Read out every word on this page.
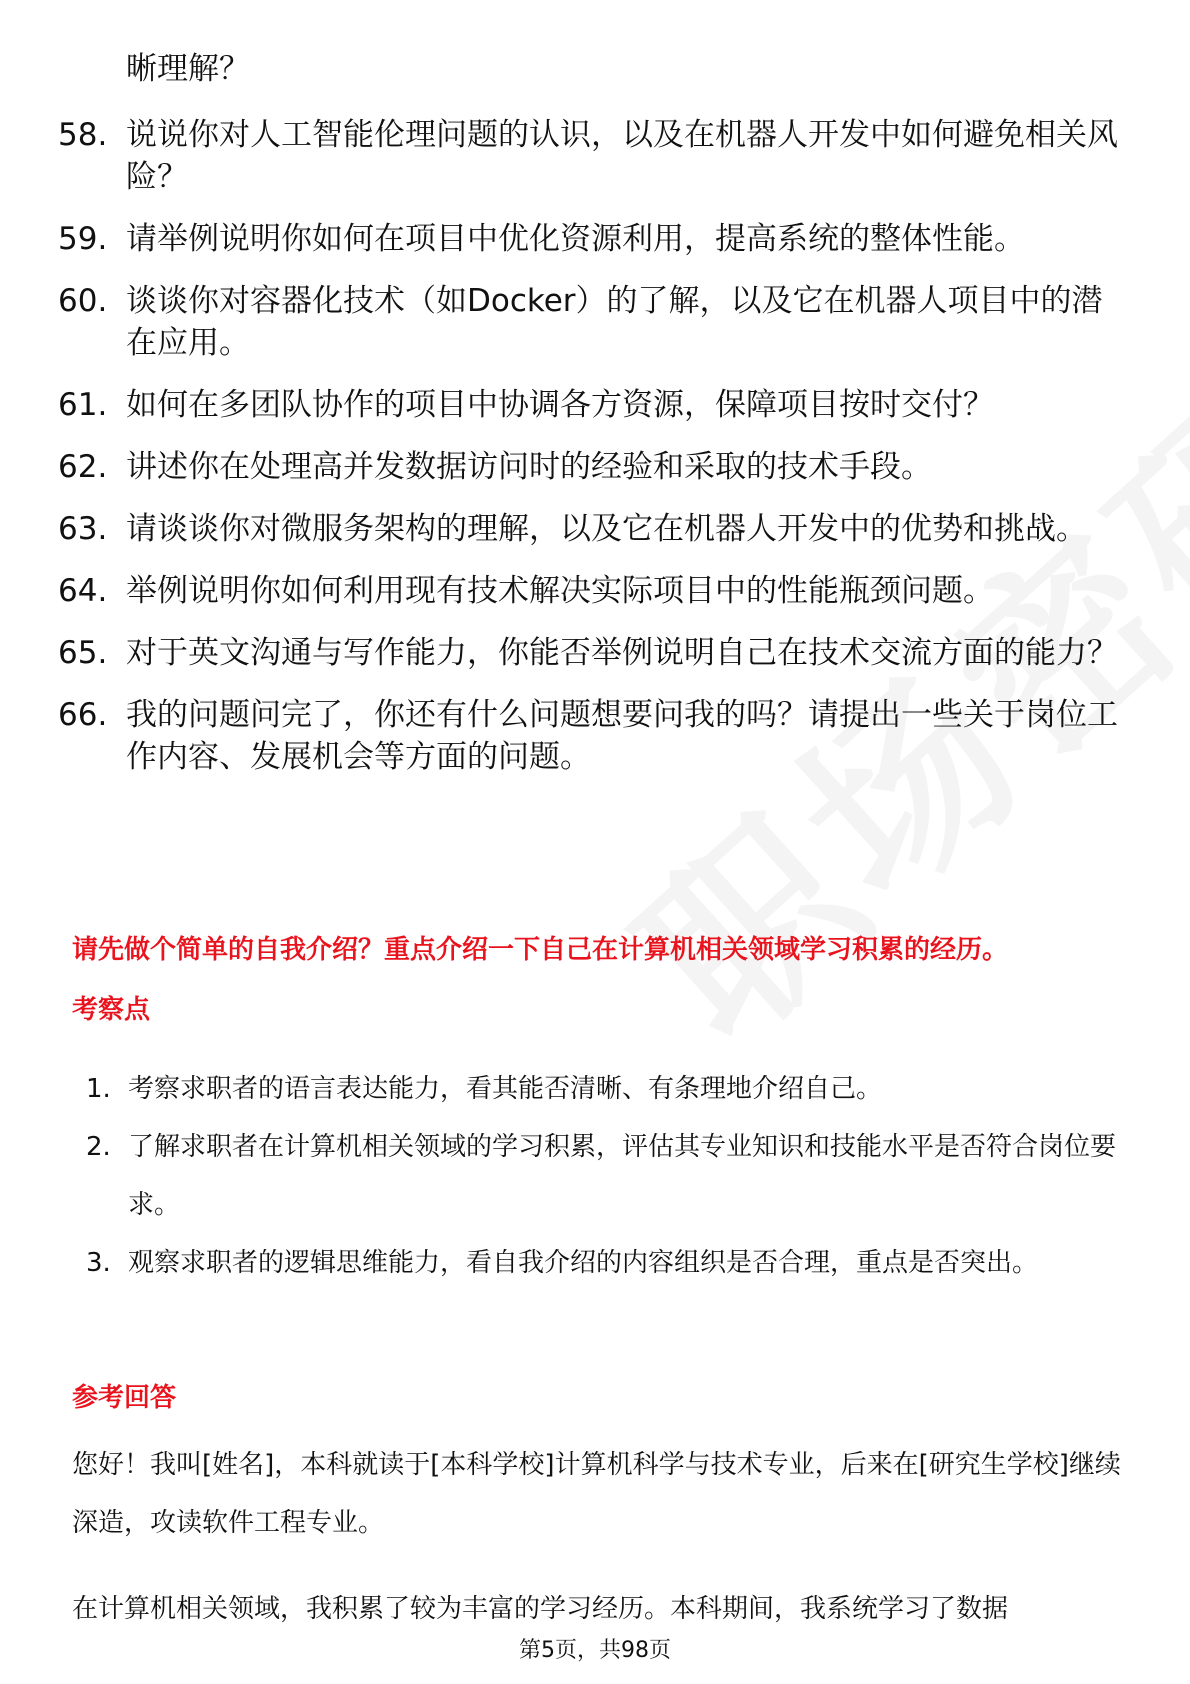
晰理解？
58. 说说你对人工智能伦理问题的认识，以及在机器人开发中如何避免相关风险？
59. 请举例说明你如何在项目中优化资源利用，提高系统的整体性能。
60. 谈谈你对容器化技术（如Docker）的了解，以及它在机器人项目中的潜在应用。
61. 如何在多团队协作的项目中协调各方资源，保障项目按时交付？
62. 讲述你在处理高并发数据访问时的经验和采取的技术手段。
63. 请谈谈你对微服务架构的理解，以及它在机器人开发中的优势和挑战。
64. 举例说明你如何利用现有技术解决实际项目中的性能瓶颈问题。
65. 对于英文沟通与写作能力，你能否举例说明自己在技术交流方面的能力？
66. 我的问题问完了，你还有什么问题想要问我的吗？请提出一些关于岗位工作内容、发展机会等方面的问题。

请先做个简单的自我介绍？重点介绍一下自己在计算机相关领域学习积累的经历。

考察点

1. 考察求职者的语言表达能力，看其能否清晰、有条理地介绍自己。
2. 了解求职者在计算机相关领域的学习积累，评估其专业知识和技能水平是否符合岗位要求。
3. 观察求职者的逻辑思维能力，看自我介绍的内容组织是否合理，重点是否突出。

参考回答

您好！我叫[姓名]，本科就读于[本科学校]计算机科学与技术专业，后来在[研究生学校]继续深造，攻读软件工程专业。

在计算机相关领域，我积累了较为丰富的学习经历。本科期间，我系统学习了数据

第5页，共98页
